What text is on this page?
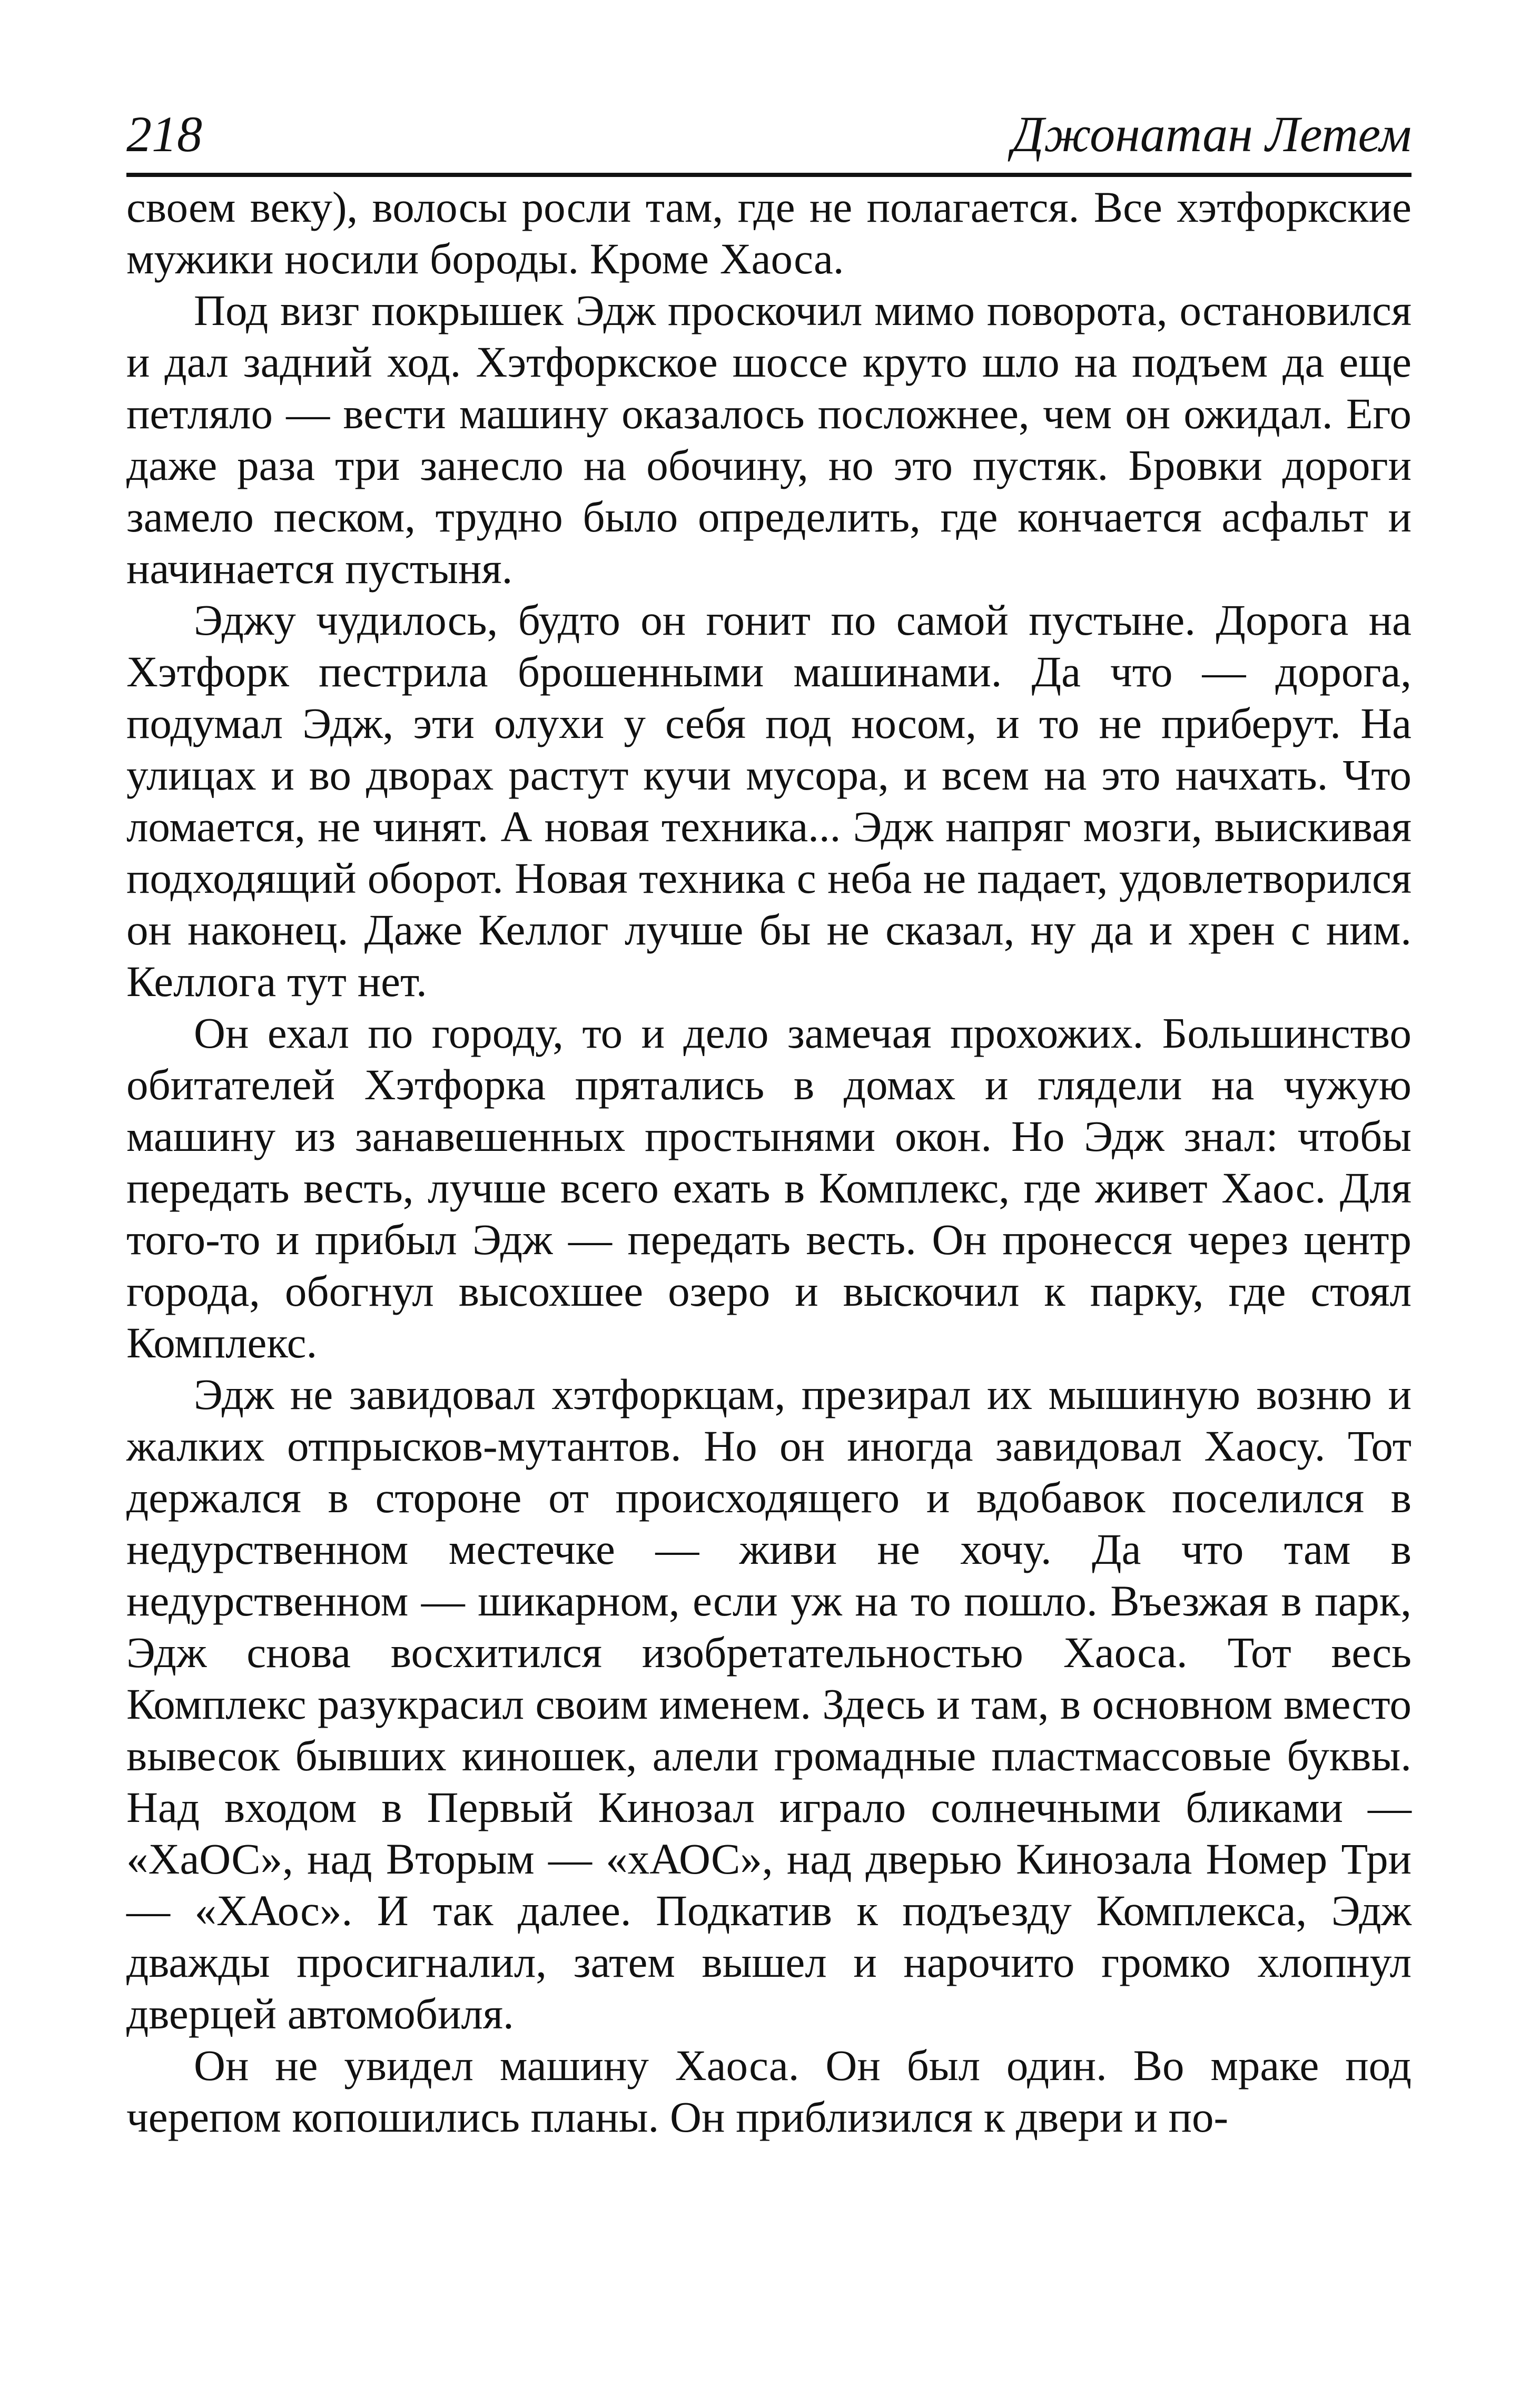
218	Джонатан Летем

своем веку), волосы росли там, где не полагается. Все хэтфоркские мужики носили бороды. Кроме Хаоса.

Под визг покрышек Эдж проскочил мимо поворота, остановился и дал задний ход. Хэтфоркское шоссе круто шло на подъем да еще петляло — вести машину оказалось посложнее, чем он ожидал. Его даже раза три занесло на обочину, но это пустяк. Бровки дороги замело песком, трудно было определить, где кончается асфальт и начинается пустыня.

Эджу чудилось, будто он гонит по самой пустыне. Дорога на Хэтфорк пестрила брошенными машинами. Да что — дорога, подумал Эдж, эти олухи у себя под носом, и то не приберут. На улицах и во дворах растут кучи мусора, и всем на это начхать. Что ломается, не чинят. А новая техника... Эдж напряг мозги, выискивая подходящий оборот. Новая техника с неба не падает, удовлетворился он наконец. Даже Келлог лучше бы не сказал, ну да и хрен с ним. Келлога тут нет.

Он ехал по городу, то и дело замечая прохожих. Большинство обитателей Хэтфорка прятались в домах и глядели на чужую машину из занавешенных простынями окон. Но Эдж знал: чтобы передать весть, лучше всего ехать в Комплекс, где живет Хаос. Для того-то и прибыл Эдж — передать весть. Он пронесся через центр города, обогнул высохшее озеро и выскочил к парку, где стоял Комплекс.

Эдж не завидовал хэтфоркцам, презирал их мышиную возню и жалких отпрысков-мутантов. Но он иногда завидовал Хаосу. Тот держался в стороне от происходящего и вдобавок поселился в недурственном местечке — живи не хочу. Да что там в недурственном — шикарном, если уж на то пошло. Въезжая в парк, Эдж снова восхитился изобретательностью Хаоса. Тот весь Комплекс разукрасил своим именем. Здесь и там, в основном вместо вывесок бывших киношек, алели громадные пластмассовые буквы. Над входом в Первый Кинозал играло солнечными бликами — «ХаОС», над Вторым — «хАОС», над дверью Кинозала Номер Три — «ХАос». И так далее. Подкатив к подъезду Комплекса, Эдж дважды просигналил, затем вышел и нарочито громко хлопнул дверцей автомобиля.

Он не увидел машину Хаоса. Он был один. Во мраке под черепом копошились планы. Он приблизился к двери и по-
